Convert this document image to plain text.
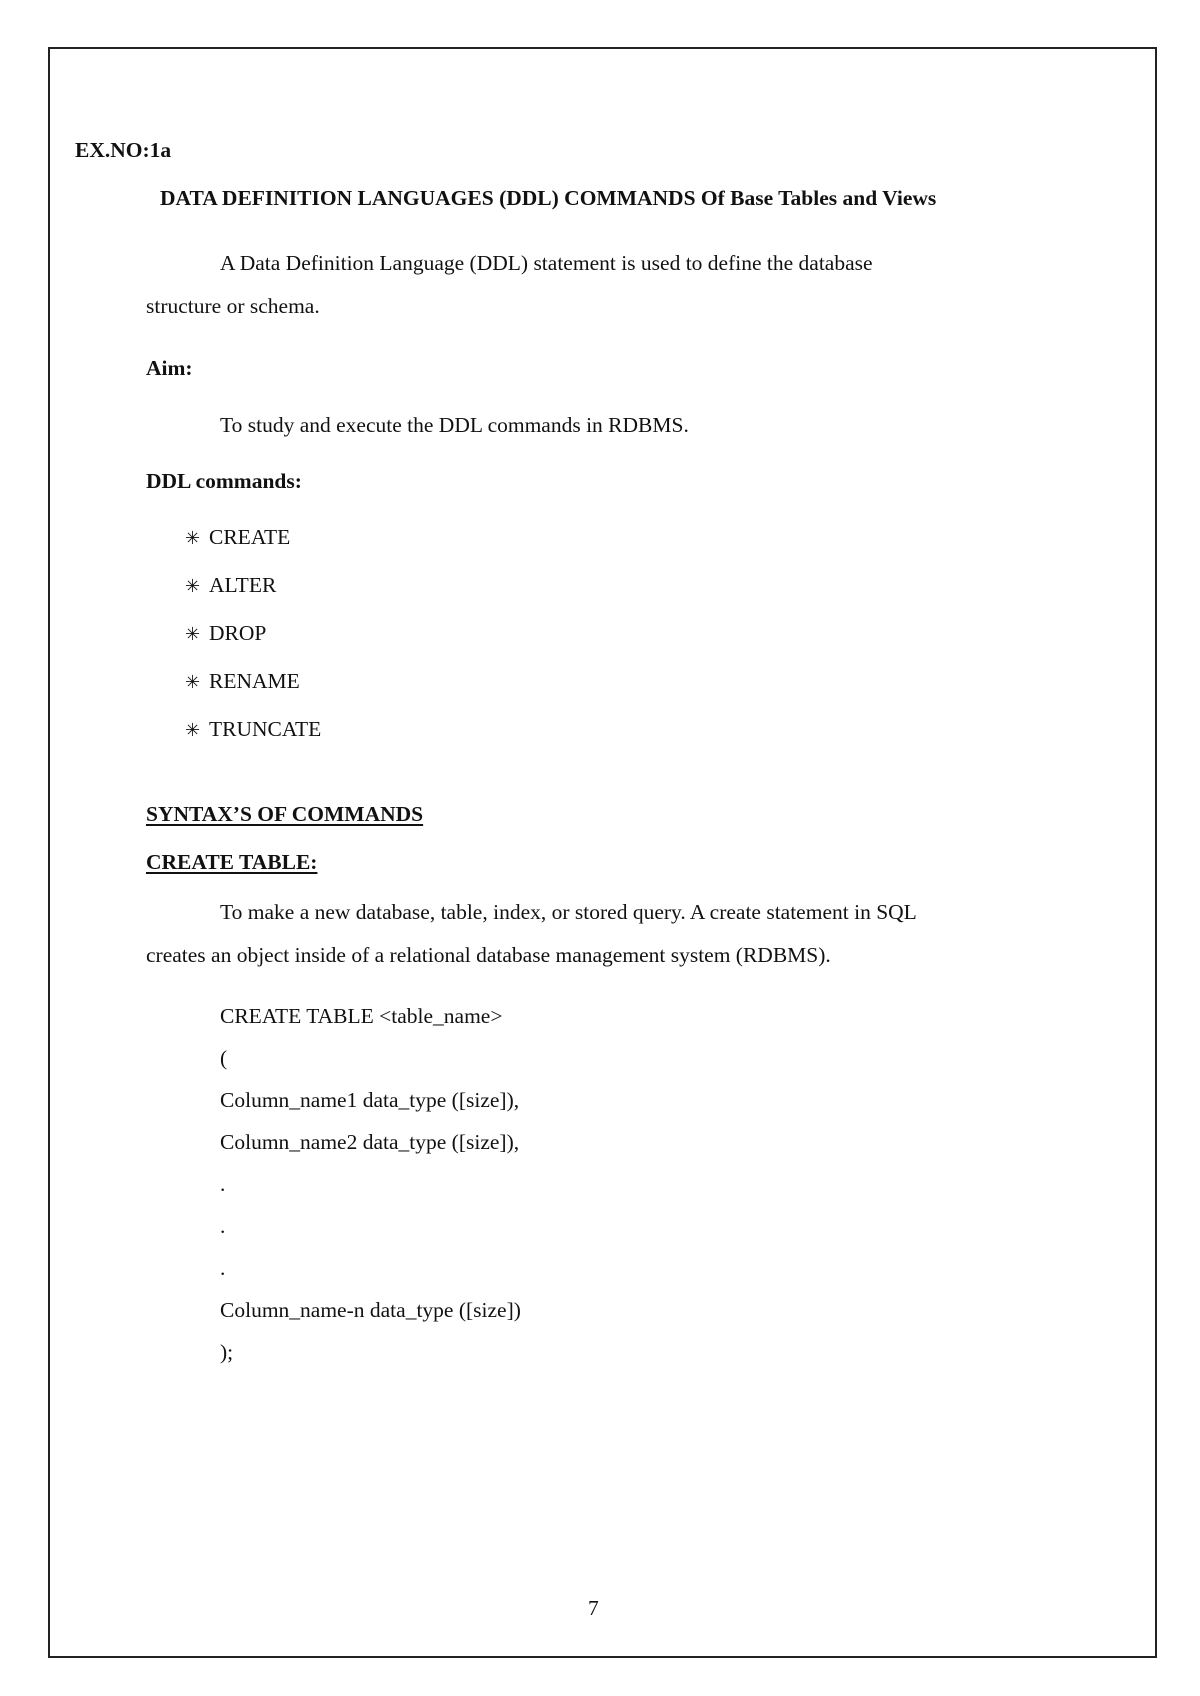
EX.NO:1a
DATA DEFINITION LANGUAGES (DDL) COMMANDS Of Base Tables and Views
A Data Definition Language (DDL) statement is used to define the database
structure or schema.
Aim:
To study and execute the DDL commands in RDBMS.
DDL commands:
✳ CREATE
✳ ALTER
✳ DROP
✳ RENAME
✳ TRUNCATE
SYNTAX’S OF COMMANDS
CREATE TABLE:
To make a new database, table, index, or stored query. A create statement in SQL
creates an object inside of a relational database management system (RDBMS).
CREATE TABLE <table_name>
(
Column_name1 data_type ([size]),
Column_name2 data_type ([size]),
.
.
.
Column_name-n data_type ([size])
);
7
